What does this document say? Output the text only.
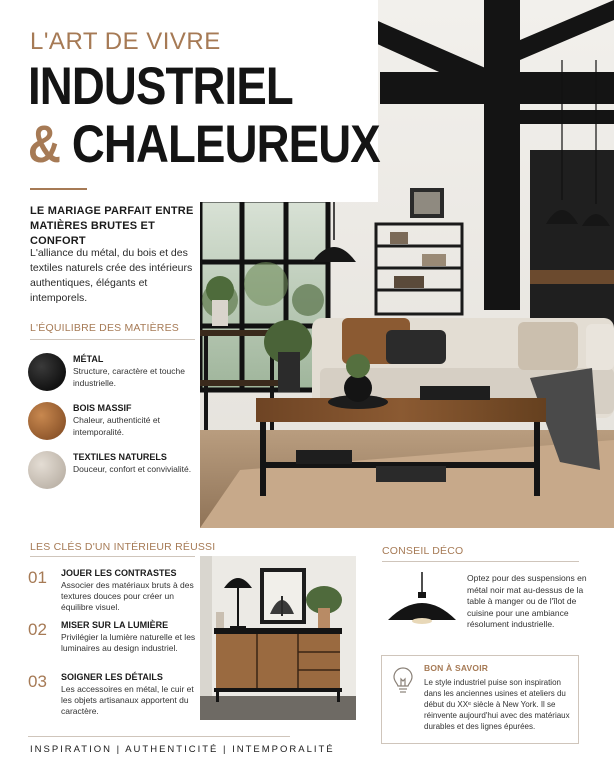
L'ART DE VIVRE
INDUSTRIEL
& CHALEUREUX
LE MARIAGE PARFAIT ENTRE
MATIÈRES BRUTES ET CONFORT
L'alliance du métal, du bois et des textiles naturels crée des intérieurs authentiques, élégants et intemporels.
L'ÉQUILIBRE DES MATIÈRES
MÉTAL
Structure, caractère et touche industrielle.
BOIS MASSIF
Chaleur, authenticité et intemporalité.
TEXTILES NATURELS
Douceur, confort et convivialité.
LES CLÉS D'UN INTÉRIEUR RÉUSSI
01 JOUER LES CONTRASTES
Associer des matériaux bruts à des textures douces pour créer un équilibre visuel.
02 MISER SUR LA LUMIÈRE
Privilégier la lumière naturelle et les luminaires au design industriel.
03 SOIGNER LES DÉTAILS
Les accessoires en métal, le cuir et les objets artisanaux apportent du caractère.
CONSEIL DÉCO
Optez pour des suspensions en métal noir mat au-dessus de la table à manger ou de l'îlot de cuisine pour une ambiance résolument industrielle.
BON À SAVOIR
Le style industriel puise son inspiration dans les anciennes usines et ateliers du début du XXᵉ siècle à New York. Il se réinvente aujourd'hui avec des matériaux durables et des lignes épurées.
INSPIRATION | AUTHENTICITÉ | INTEMPORALITÉ
